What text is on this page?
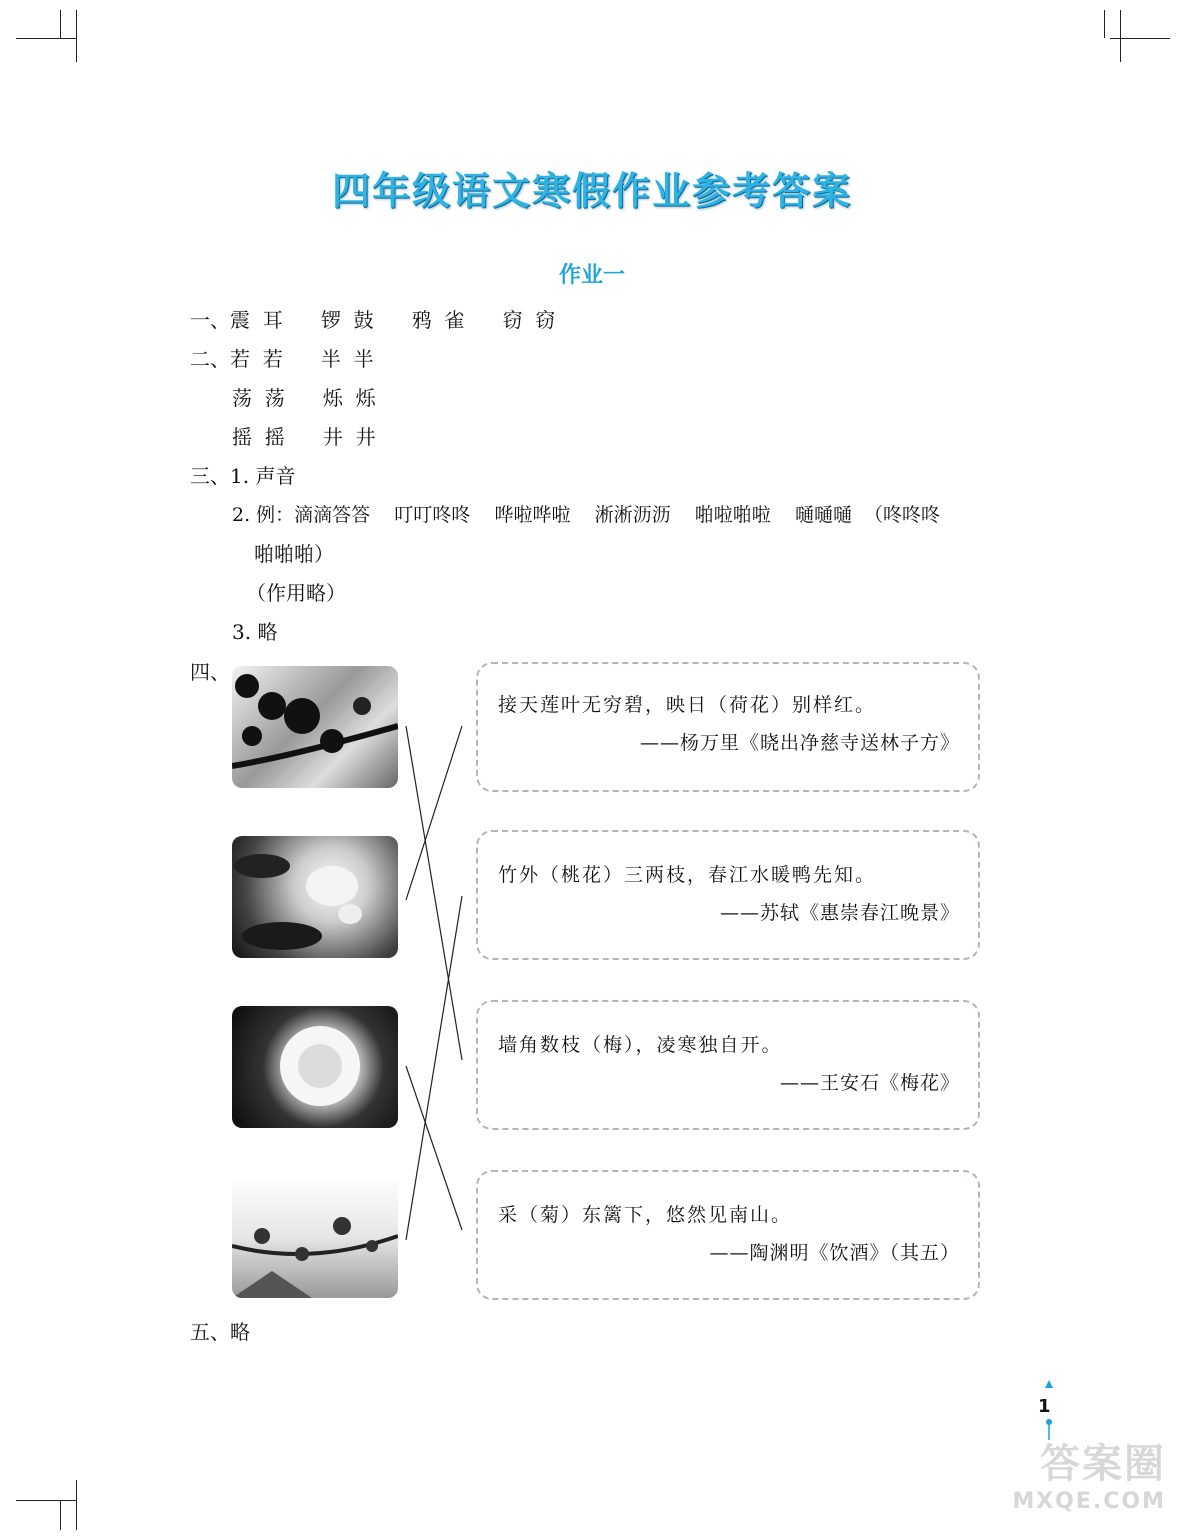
四年级语文寒假作业参考答案
作业一
一、震  耳      锣  鼓      鸦  雀      窃  窃
二、若  若      半  半
荡  荡      烁  烁
摇  摇      井  井
三、1. 声音
2. 例：滴滴答答    叮叮咚咚    哗啦哗啦    淅淅沥沥    啪啦啪啦    嗵嗵嗵  （咚咚咚
啪啪啪）
（作用略）
3. 略
四、
接天莲叶无穷碧，映日（荷花）别样红。
——杨万里《晓出净慈寺送林子方》
竹外（桃花）三两枝，春江水暖鸭先知。
——苏轼《惠崇春江晚景》
墙角数枝（梅），凌寒独自开。
——王安石《梅花》
采（菊）东篱下，悠然见南山。
——陶渊明《饮酒》（其五）
五、略
1
答案圈
MXQE.COM
